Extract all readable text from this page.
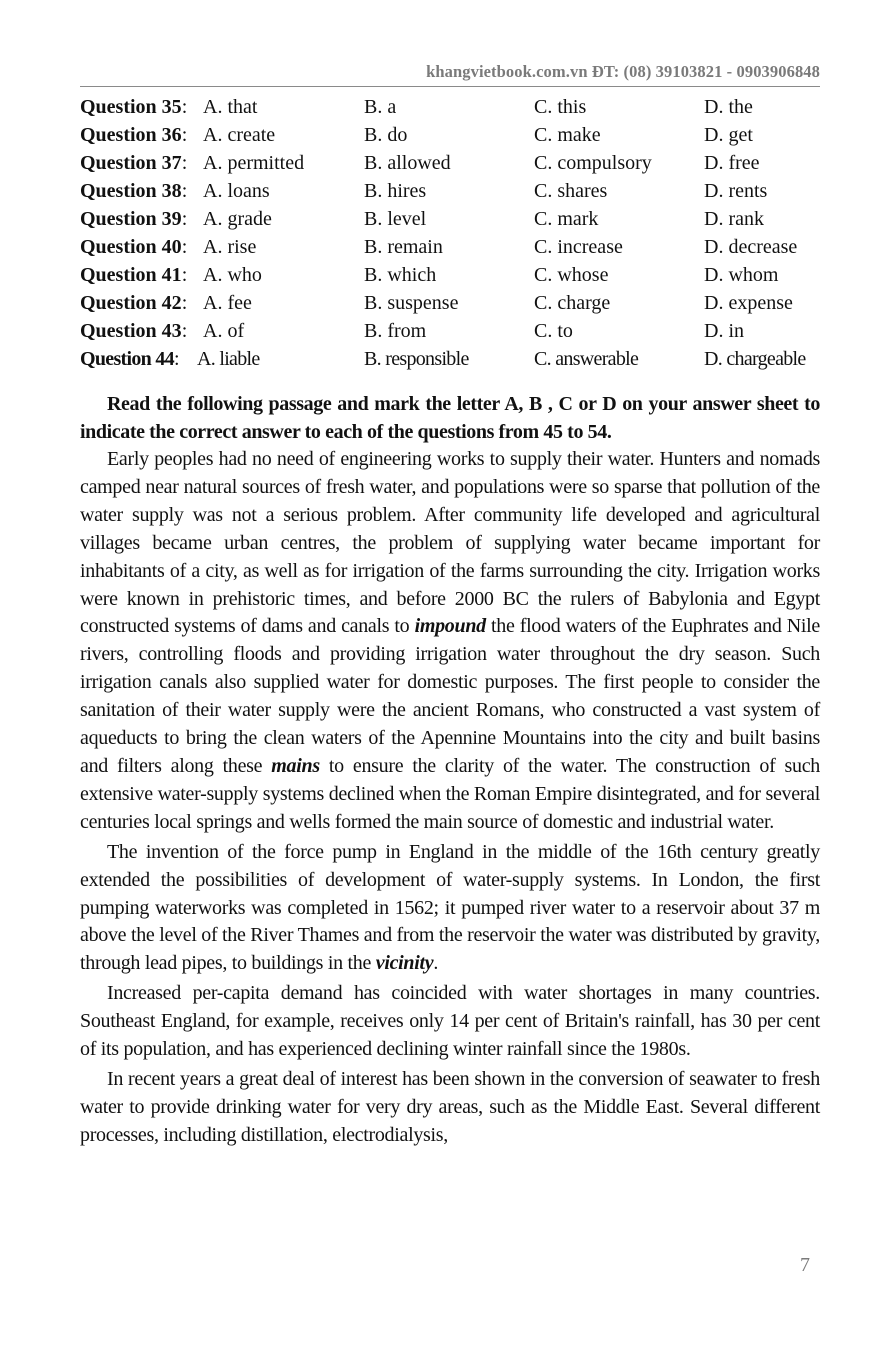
khangvietbook.com.vn ĐT: (08) 39103821 - 0903906848
Question 35: A. that	B. a	C. this	D. the
Question 36: A. create	B. do	C. make	D. get
Question 37: A. permitted	B. allowed	C. compulsory	D. free
Question 38: A. loans	B. hires	C. shares	D. rents
Question 39: A. grade	B. level	C. mark	D. rank
Question 40: A. rise	B. remain	C. increase	D. decrease
Question 41: A. who	B. which	C. whose	D. whom
Question 42: A. fee	B. suspense	C. charge	D. expense
Question 43: A. of	B. from	C. to	D. in
Question 44: A. liable	B. responsible	C. answerable	D. chargeable
Read the following passage and mark the letter A, B , C or D on your answer sheet to indicate the correct answer to each of the questions from 45 to 54.

Early peoples had no need of engineering works to supply their water. Hunters and nomads camped near natural sources of fresh water, and populations were so sparse that pollution of the water supply was not a serious problem. After community life developed and agricultural villages became urban centres, the problem of supplying water became important for inhabitants of a city, as well as for irrigation of the farms surrounding the city. Irrigation works were known in prehistoric times, and before 2000 BC the rulers of Babylonia and Egypt constructed systems of dams and canals to impound the flood waters of the Euphrates and Nile rivers, controlling floods and providing irrigation water throughout the dry season. Such irrigation canals also supplied water for domestic purposes. The first people to consider the sanitation of their water supply were the ancient Romans, who constructed a vast system of aqueducts to bring the clean waters of the Apennine Mountains into the city and built basins and filters along these mains to ensure the clarity of the water. The construction of such extensive water-supply systems declined when the Roman Empire disintegrated, and for several centuries local springs and wells formed the main source of domestic and industrial water.

The invention of the force pump in England in the middle of the 16th century greatly extended the possibilities of development of water-supply systems. In London, the first pumping waterworks was completed in 1562; it pumped river water to a reservoir about 37 m above the level of the River Thames and from the reservoir the water was distributed by gravity, through lead pipes, to buildings in the vicinity.

Increased per-capita demand has coincided with water shortages in many countries. Southeast England, for example, receives only 14 per cent of Britain's rainfall, has 30 per cent of its population, and has experienced declining winter rainfall since the 1980s.

In recent years a great deal of interest has been shown in the conversion of seawater to fresh water to provide drinking water for very dry areas, such as the Middle East. Several different processes, including distillation, electrodialysis,

7
